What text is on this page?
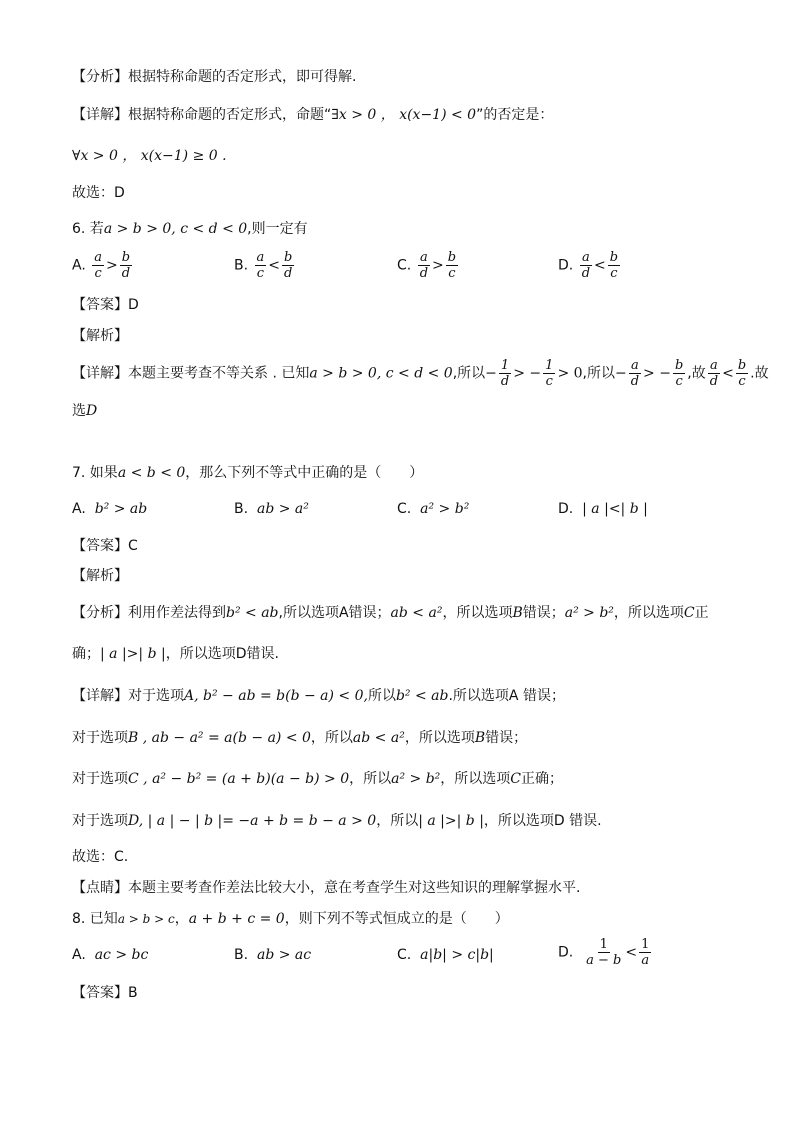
【分析】根据特称命题的否定形式，即可得解.
【详解】根据特称命题的否定形式，命题“∃x > 0 ， x(x−1) < 0”的否定是：
∀x > 0 ， x(x−1) ≥ 0 .
故选：D
6. 若a > b > 0, c < d < 0,则一定有
A. $\frac{a}{c} > \frac{b}{d}$	B. $\frac{a}{c} < \frac{b}{d}$	C. $\frac{a}{d} > \frac{b}{c}$	D. $\frac{a}{d} < \frac{b}{c}$
【答案】D
【解析】
【详解】本题主要考查不等关系 . 已知a > b > 0, c < d < 0,所以− $\frac{1}{d}$ > − $\frac{1}{c} > 0$,所以− $\frac{a}{d}$ > − $\frac{b}{c}$ ,故 $\frac{a}{d} < \frac{b}{c}$ .故
选D
7. 如果a < b < 0，那么下列不等式中正确的是（　　）
A.  b² > ab	B.  ab > a²	C.  a² > b²	D.  | a |<| b |
【答案】C
【解析】
【分析】利用作差法得到b² < ab,所以选项A错误；ab < a²，所以选项B错误；a² > b²，所以选项C正
确；| a |>| b |，所以选项D错误.
【详解】对于选项A, b² − ab = b(b − a) < 0,所以b² < ab.所以选项A 错误；
对于选项B , ab − a² = a(b − a) < 0，所以ab < a²，所以选项B错误；
对于选项C , a² − b² = (a + b)(a − b) > 0，所以a² > b²，所以选项C正确；
对于选项D, | a | − | b |= −a + b = b − a > 0，所以| a |>| b |，所以选项D 错误.
故选：C.
【点睛】本题主要考查作差法比较大小，意在考查学生对这些知识的理解掌握水平.
8. 已知a > b > c，a + b + c = 0，则下列不等式恒成立的是（　　）
A.  ac > bc	B.  ab > ac	C.  a|b| > c|b|	D. $\frac{1}{a - b} < \frac{1}{a}$
【答案】B
